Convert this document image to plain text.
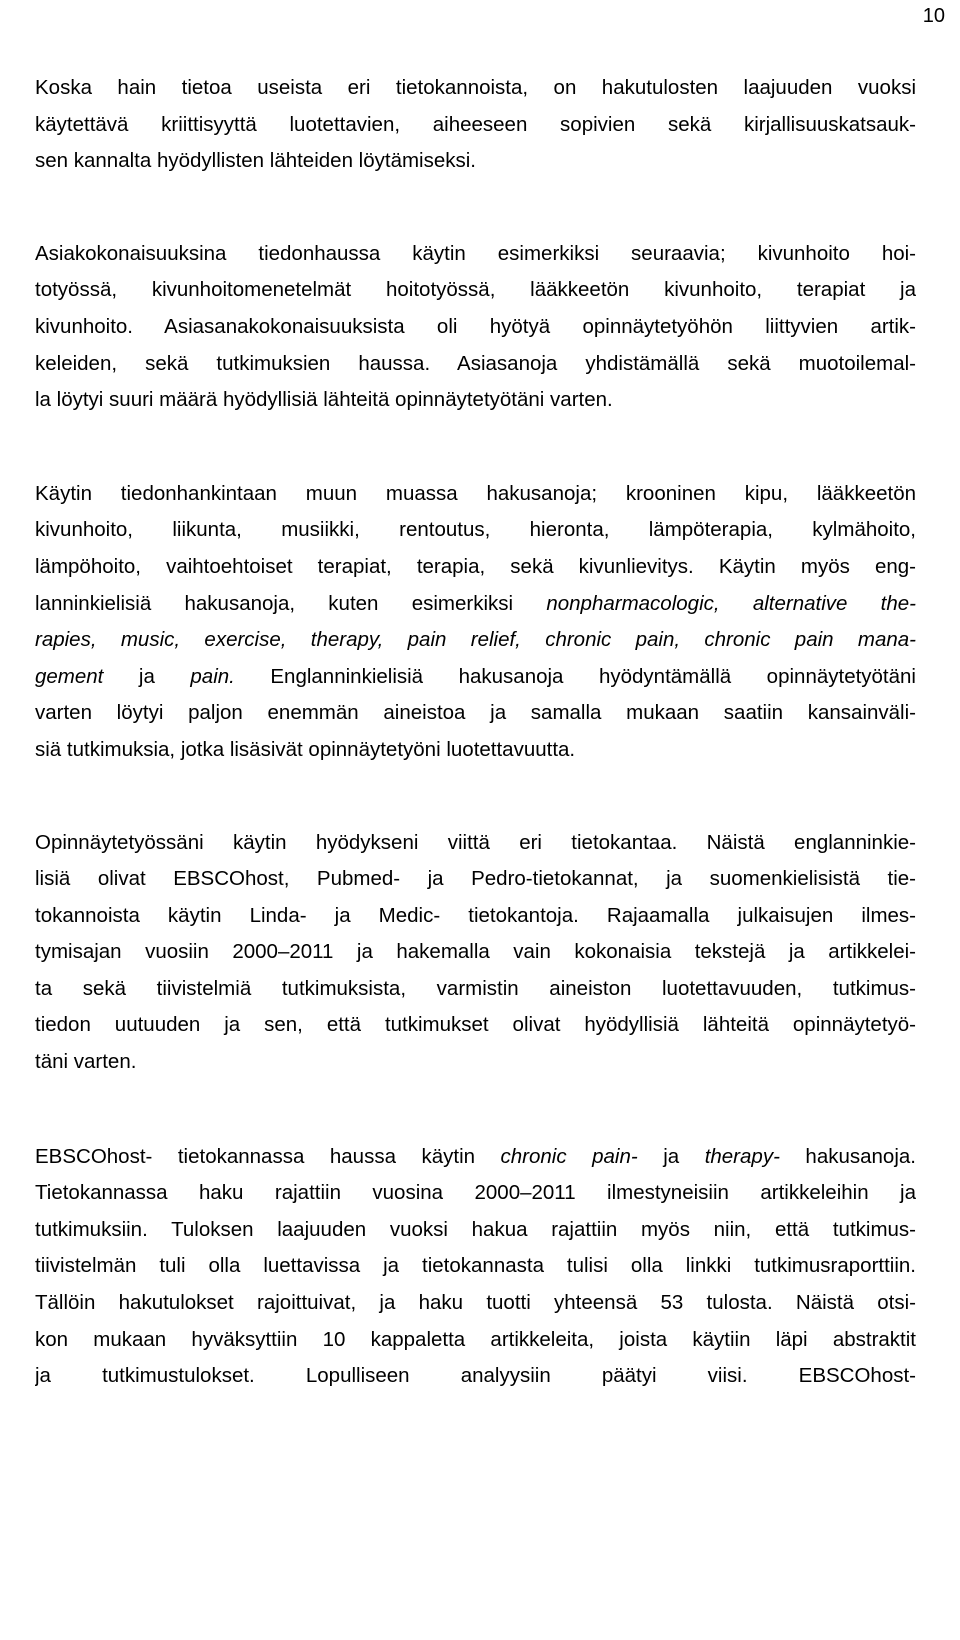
10

Koska hain tietoa useista eri tietokannoista, on hakutulosten laajuuden vuoksi
käytettävä kriittisyyttä luotettavien, aiheeseen sopivien sekä kirjallisuuskatsauk-
sen kannalta hyödyllisten lähteiden löytämiseksi.

Asiakokonaisuuksina tiedonhaussa käytin esimerkiksi seuraavia; kivunhoito hoi-
totyössä, kivunhoitomenetelmät hoitotyössä, lääkkeetön kivunhoito, terapiat ja
kivunhoito. Asiasanakokonaisuuksista oli hyötyä opinnäytetyöhön liittyvien artik-
keleiden, sekä tutkimuksien haussa. Asiasanoja yhdistämällä sekä muotoilemal-
la löytyi suuri määrä hyödyllisiä lähteitä opinnäytetyötäni varten.

Käytin tiedonhankintaan muun muassa hakusanoja; krooninen kipu, lääkkeetön
kivunhoito, liikunta, musiikki, rentoutus, hieronta, lämpöterapia, kylmähoito,
lämpöhoito, vaihtoehtoiset terapiat, terapia, sekä kivunlievitys. Käytin myös eng-
lanninkielisiä hakusanoja, kuten esimerkiksi nonpharmacologic, alternative the-
rapies, music, exercise, therapy, pain relief, chronic pain, chronic pain mana-
gement ja pain. Englanninkielisiä hakusanoja hyödyntämällä opinnäytetyötäni
varten löytyi paljon enemmän aineistoa ja samalla mukaan saatiin kansainväli-
siä tutkimuksia, jotka lisäsivät opinnäytetyöni luotettavuutta.

Opinnäytetyössäni käytin hyödykseni viittä eri tietokantaa. Näistä englanninkie-
lisiä olivat EBSCOhost, Pubmed- ja Pedro-tietokannat, ja suomenkielisistä tie-
tokannoista käytin Linda- ja Medic- tietokantoja. Rajaamalla julkaisujen ilmes-
tymisajan vuosiin 2000–2011 ja hakemalla vain kokonaisia tekstejä ja artikkelei-
ta sekä tiivistelmiä tutkimuksista, varmistin aineiston luotettavuuden, tutkimus-
tiedon uutuuden ja sen, että tutkimukset olivat hyödyllisiä lähteitä opinnäytetyö-
täni varten.

EBSCOhost- tietokannassa haussa käytin chronic pain- ja therapy- hakusanoja.
Tietokannassa haku rajattiin vuosina 2000–2011 ilmestyneisiin artikkeleihin ja
tutkimuksiin. Tuloksen laajuuden vuoksi hakua rajattiin myös niin, että tutkimus-
tiivistelmän tuli olla luettavissa ja tietokannasta tulisi olla linkki tutkimusraporttiin.
Tällöin hakutulokset rajoittuivat, ja haku tuotti yhteensä 53 tulosta. Näistä otsi-
kon mukaan hyväksyttiin 10 kappaletta artikkeleita, joista käytiin läpi abstraktit
ja tutkimustulokset. Lopulliseen analyysiin päätyi viisi. EBSCOhost-
